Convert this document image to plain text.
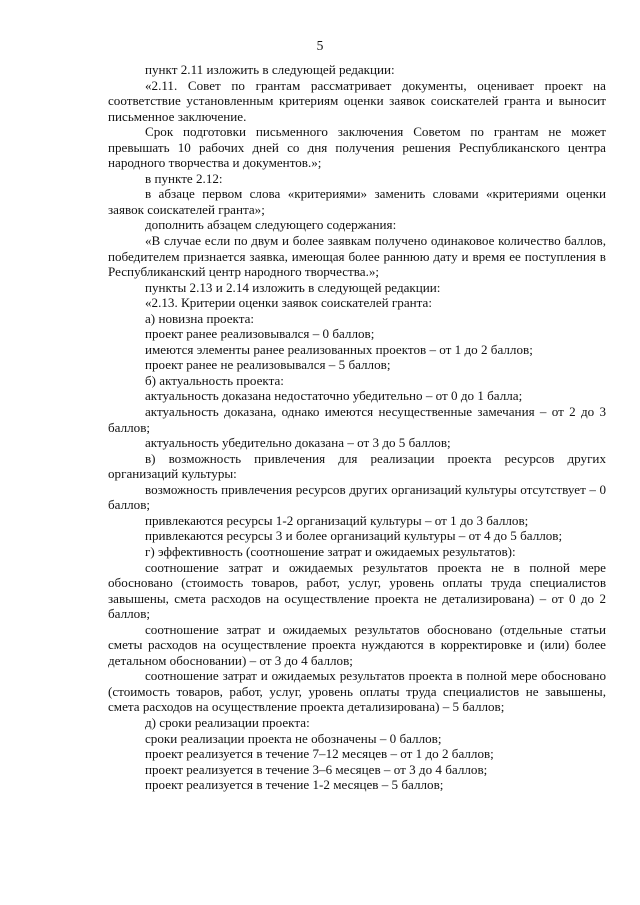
5

пункт 2.11 изложить в следующей редакции:

«2.11. Совет по грантам рассматривает документы, оценивает проект на соответствие установленным критериям оценки заявок соискателей гранта и выносит письменное заключение.

Срок подготовки письменного заключения Советом по грантам не может превышать 10 рабочих дней со дня получения решения Республиканского центра народного творчества и документов.»;

в пункте 2.12:

в абзаце первом слова «критериями» заменить словами «критериями оценки заявок соискателей гранта»;

дополнить абзацем следующего содержания:

«В случае если по двум и более заявкам получено одинаковое количество баллов, победителем признается заявка, имеющая более раннюю дату и время ее поступления в Республиканский центр народного творчества.»;

пункты 2.13 и 2.14 изложить в следующей редакции:

«2.13. Критерии оценки заявок соискателей гранта:

а) новизна проекта:

проект ранее реализовывался – 0 баллов;

имеются элементы ранее реализованных проектов – от 1 до 2 баллов;

проект ранее не реализовывался – 5 баллов;

б) актуальность проекта:

актуальность доказана недостаточно убедительно – от 0 до 1 балла;

актуальность доказана, однако имеются несущественные замечания – от 2 до 3 баллов;

актуальность убедительно доказана – от 3 до 5 баллов;

в) возможность привлечения для реализации проекта ресурсов других организаций культуры:

возможность привлечения ресурсов других организаций культуры отсутствует – 0 баллов;

привлекаются ресурсы 1-2 организаций культуры – от 1 до 3 баллов;

привлекаются ресурсы 3 и более организаций культуры – от 4 до 5 баллов;

г) эффективность (соотношение затрат и ожидаемых результатов):

соотношение затрат и ожидаемых результатов проекта не в полной мере обосновано (стоимость товаров, работ, услуг, уровень оплаты труда специалистов завышены, смета расходов на осуществление проекта не детализирована) – от 0 до 2 баллов;

соотношение затрат и ожидаемых результатов обосновано (отдельные статьи сметы расходов на осуществление проекта нуждаются в корректировке и (или) более детальном обосновании) – от 3 до 4 баллов;

соотношение затрат и ожидаемых результатов проекта в полной мере обосновано (стоимость товаров, работ, услуг, уровень оплаты труда специалистов не завышены, смета расходов на осуществление проекта детализирована) – 5 баллов;

д) сроки реализации проекта:

сроки реализации проекта не обозначены – 0 баллов;

проект реализуется в течение 7–12 месяцев – от 1 до 2 баллов;

проект реализуется в течение 3–6 месяцев – от 3 до 4 баллов;

проект реализуется в течение 1-2 месяцев – 5 баллов;
